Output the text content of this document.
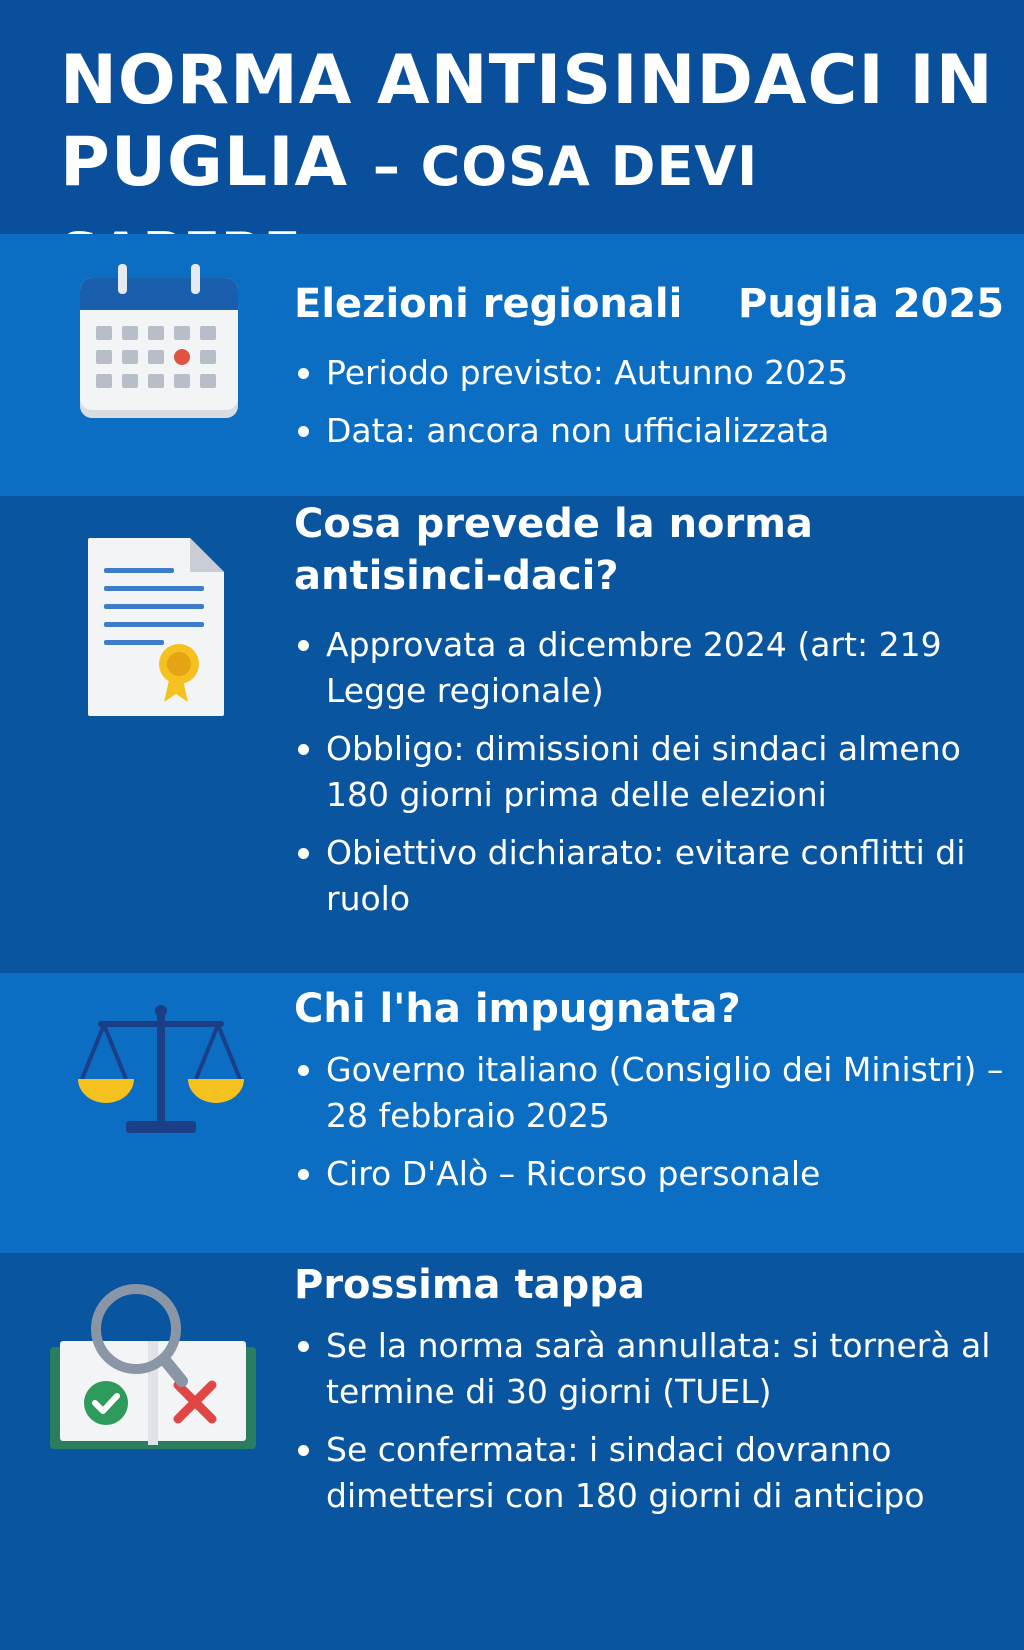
NORMA ANTISINDACI IN
PUGLIA – COSA DEVI
Elezioni regionali Puglia 2025
Periodo previsto: Autunno 2025
Data: ancora non ufficializzata
Cosa prevede la norma antisinci-daci?
Approvata a dicembre 2024 (art: 219 Legge regionale)
Obbligo: dimissioni dei sindaci almeno 180 giorni prima delle elezioni
Obiettivo dichiarato: evitare conflitti di ruolo
Chi l'ha impugnata?
Governo italiano (Consiglio dei Ministri) – 28 febbraio 2025
Ciro D'Alò – Ricorso personale
Prossima tappa
Se la norma sarà annullata: si tornerà al termine di 30 giorni (TUEL)
Se confermata: i sindaci dovranno dimettersi con 180 giorni di anticipo
